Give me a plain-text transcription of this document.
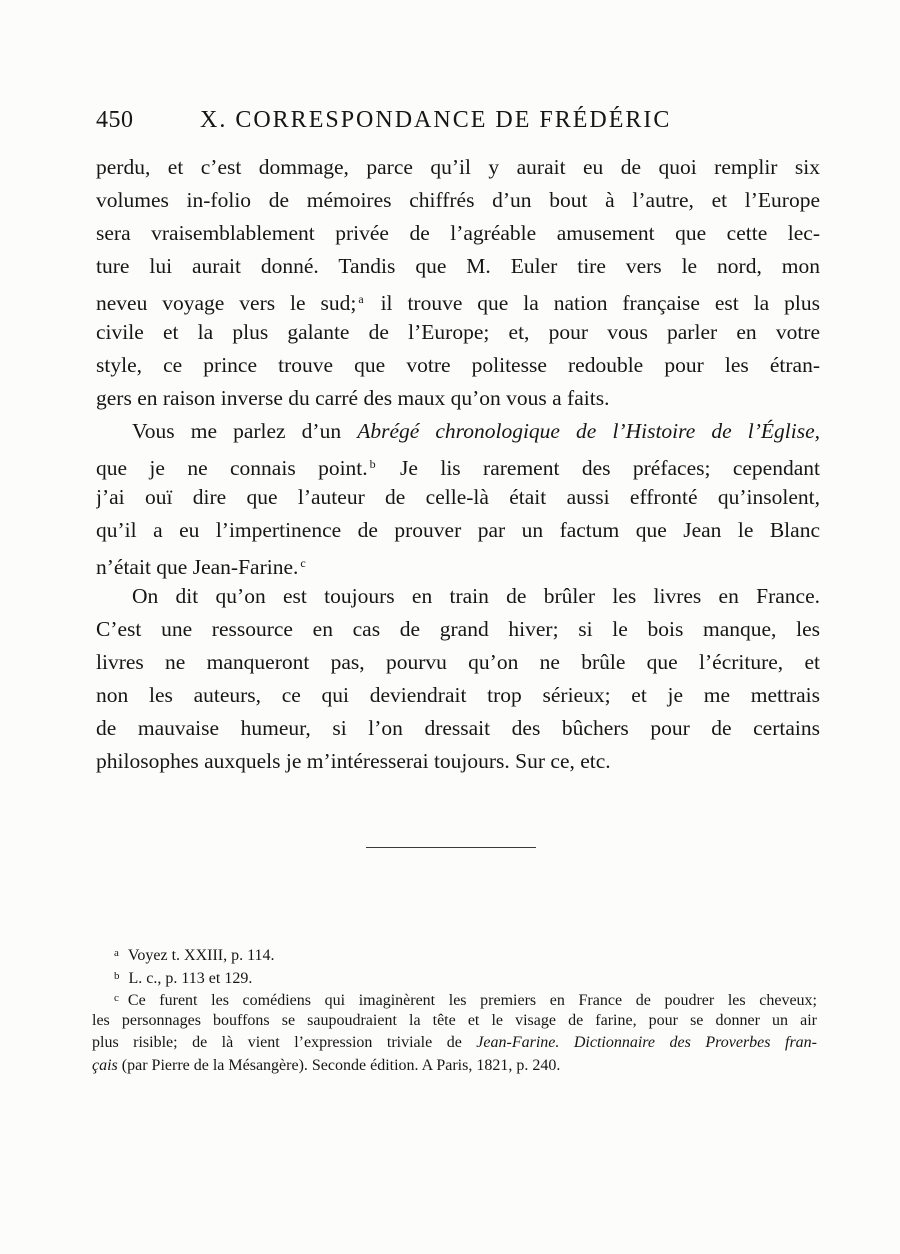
450	X. CORRESPONDANCE DE FRÉDÉRIC
perdu, et c’est dommage, parce qu’il y aurait eu de quoi remplir six
volumes in-folio de mémoires chiffrés d’un bout à l’autre, et l’Europe
sera vraisemblablement privée de l’agréable amusement que cette lec-
ture lui aurait donné. Tandis que M. Euler tire vers le nord, mon
neveu voyage vers le sud; $^a$ il trouve que la nation française est la plus
civile et la plus galante de l’Europe; et, pour vous parler en votre
style, ce prince trouve que votre politesse redouble pour les étran-
gers en raison inverse du carré des maux qu’on vous a faits.
Vous me parlez d’un Abrégé chronologique de l’Histoire de l’Église,
que je ne connais point. $^b$ Je lis rarement des préfaces; cependant
j’ai ouï dire que l’auteur de celle-là était aussi effronté qu’insolent,
qu’il a eu l’impertinence de prouver par un factum que Jean le Blanc
n’était que Jean-Farine. $^c$
On dit qu’on est toujours en train de brûler les livres en France.
C’est une ressource en cas de grand hiver; si le bois manque, les
livres ne manqueront pas, pourvu qu’on ne brûle que l’écriture, et
non les auteurs, ce qui deviendrait trop sérieux; et je me mettrais
de mauvaise humeur, si l’on dressait des bûchers pour de certains
philosophes auxquels je m’intéresserai toujours. Sur ce, etc.
$^a$ Voyez t. XXIII, p. 114.
$^b$ L. c., p. 113 et 129.
$^c$ Ce furent les comédiens qui imaginèrent les premiers en France de poudrer les cheveux;
les personnages bouffons se saupoudraient la tête et le visage de farine, pour se donner un air
plus risible; de là vient l’expression triviale de Jean-Farine. Dictionnaire des Proverbes fran-
çais (par Pierre de la Mésangère). Seconde édition. A Paris, 1821, p. 240.
